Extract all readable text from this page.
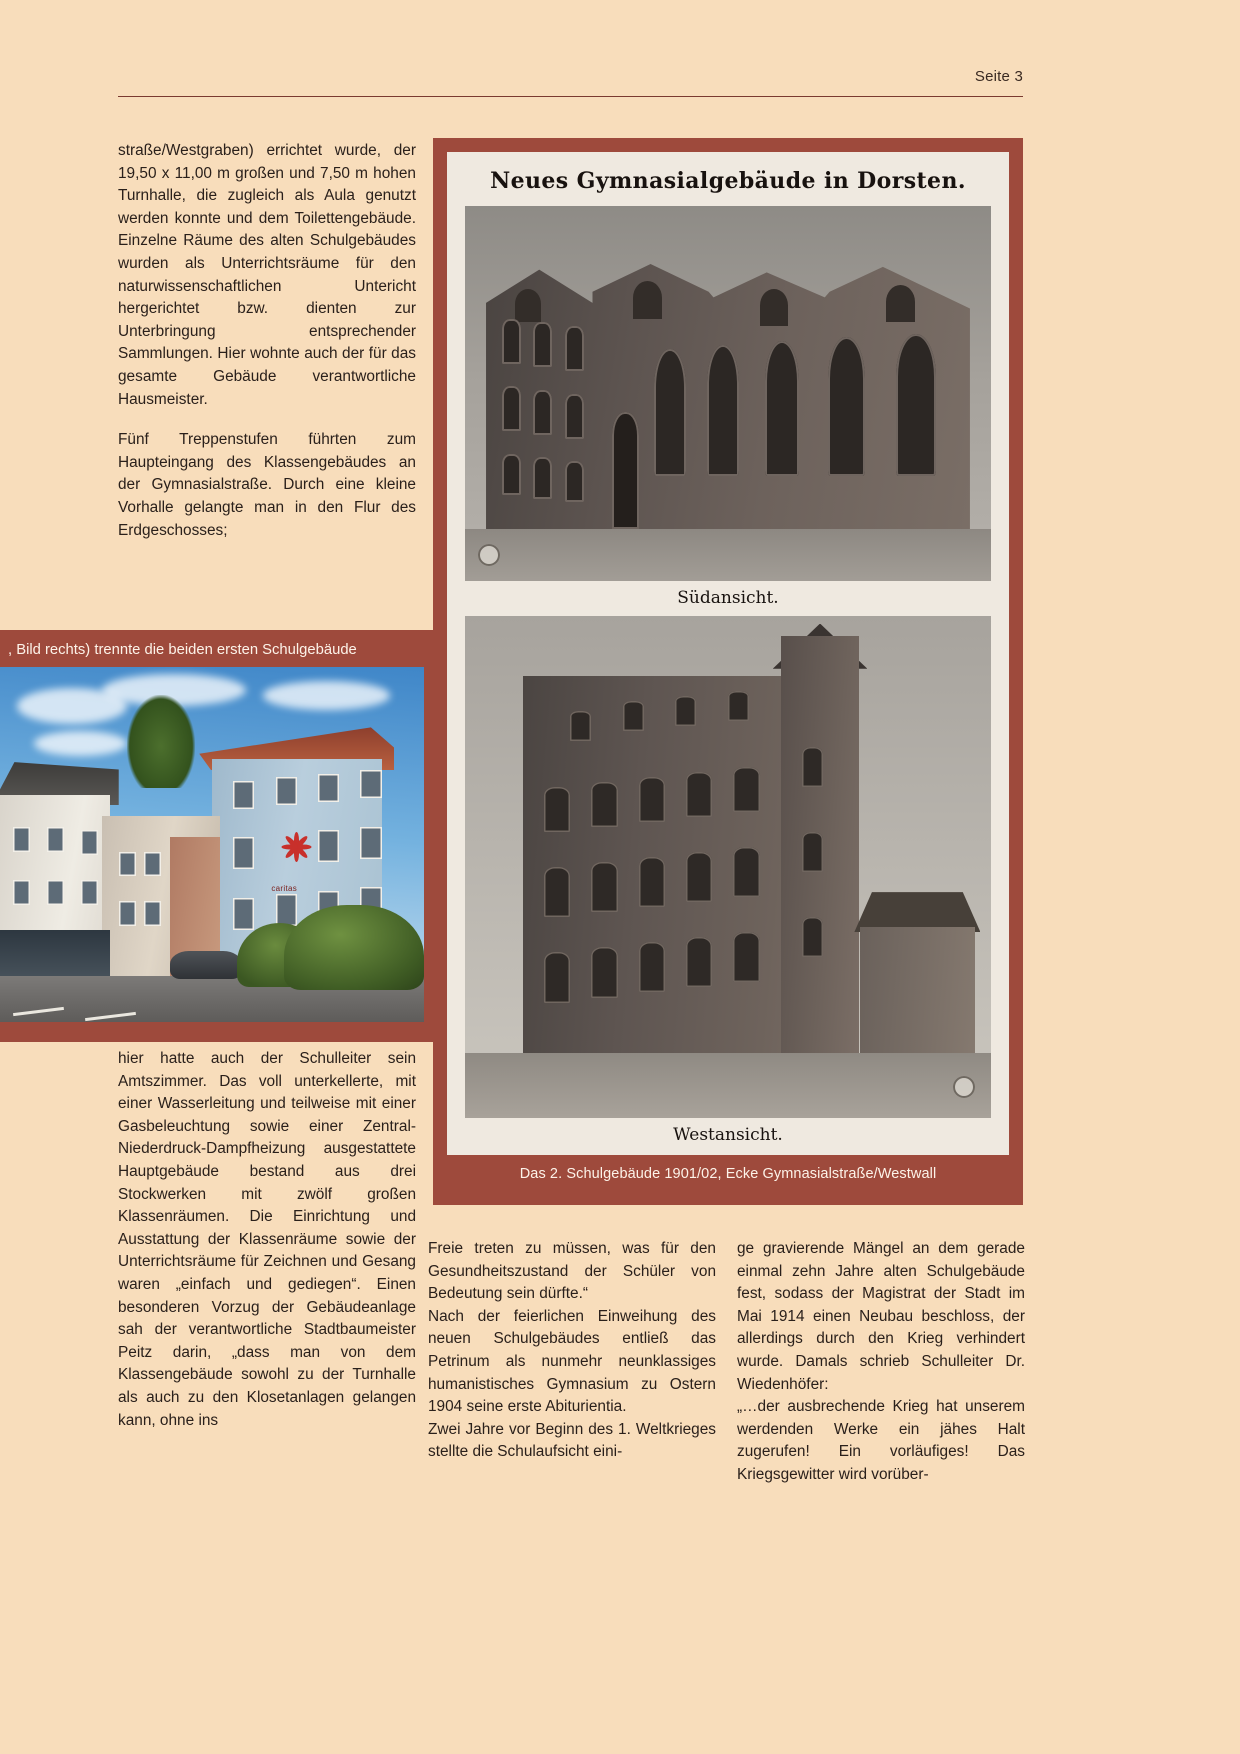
Seite 3

straße/Westgraben) errichtet wurde, der 19,50 x 11,00 m großen und 7,50 m hohen Turnhalle, die zugleich als Aula genutzt werden konnte und dem Toilettengebäude. Einzelne Räume des alten Schulgebäudes wurden als Unterrichtsräume für den naturwissenschaftlichen Untericht hergerichtet bzw. dienten zur Unterbringung entsprechender Sammlungen. Hier wohnte auch der für das gesamte Gebäude verantwortliche Hausmeister.

Fünf Treppenstufen führten zum Haupteingang des Klassengebäudes an der Gymnasialstraße. Durch eine kleine Vorhalle gelangte man in den Flur des Erdgeschosses;

, Bild rechts) trennte die beiden ersten Schulgebäude
caritas

hier hatte auch der Schulleiter sein Amtszimmer. Das voll unterkellerte, mit einer Wasserleitung und teilweise mit einer Gasbeleuchtung sowie einer Zentral-Niederdruck-Dampfheizung ausgestattete Hauptgebäude bestand aus drei Stockwerken mit zwölf großen Klassenräumen. Die Einrichtung und Ausstattung der Klassenräume sowie der Unterrichtsräume für Zeichnen und Gesang waren „einfach und gediegen“. Einen besonderen Vorzug der Gebäudeanlage sah der verantwortliche Stadtbaumeister Peitz darin, „dass man von dem Klassengebäude sowohl zu der Turnhalle als auch zu den Klosetanlagen gelangen kann, ohne ins

Neues Gymnasialgebäude in Dorsten.
Südansicht.
Westansicht.
Das 2. Schulgebäude 1901/02, Ecke Gymnasialstraße/Westwall

Freie treten zu müssen, was für den Gesundheitszustand der Schüler von Bedeutung sein dürfte.“

Nach der feierlichen Einweihung des neuen Schulgebäudes entließ das Petrinum als nunmehr neunklassiges humanistisches Gymnasium zu Ostern 1904 seine erste Abiturientia.

Zwei Jahre vor Beginn des 1. Weltkrieges stellte die Schulaufsicht eini-

ge gravierende Mängel an dem gerade einmal zehn Jahre alten Schulgebäude fest, sodass der Magistrat der Stadt im Mai 1914 einen Neubau beschloss, der allerdings durch den Krieg verhindert wurde. Damals schrieb Schulleiter Dr. Wiedenhöfer:

„…der ausbrechende Krieg hat unserem werdenden Werke ein jähes Halt zugerufen! Ein vorläufiges! Das Kriegsgewitter wird vorüber-
